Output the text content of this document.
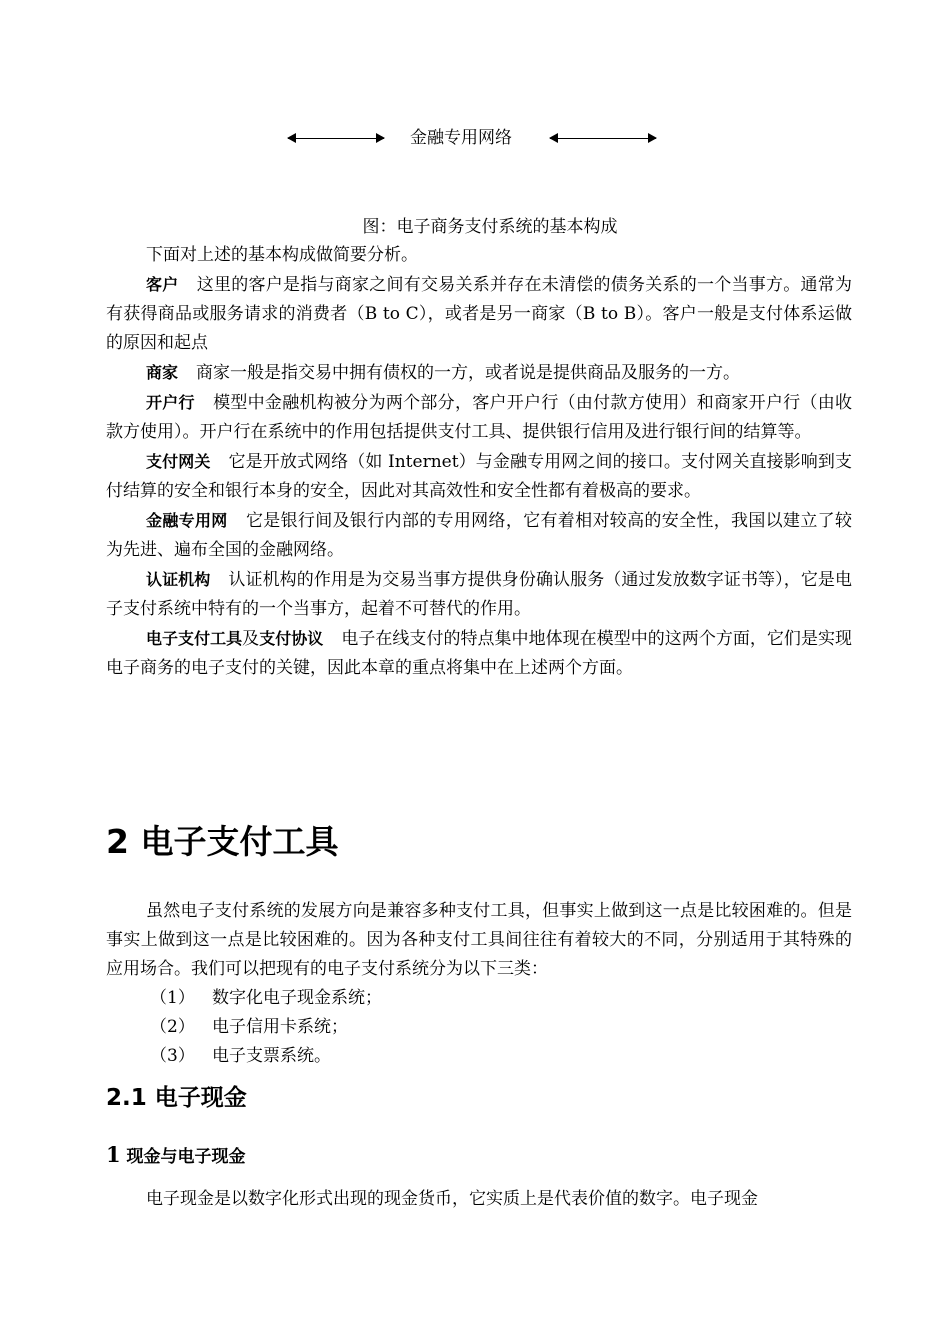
金融专用网络
图：电子商务支付系统的基本构成

下面对上述的基本构成做简要分析。

客户 这里的客户是指与商家之间有交易关系并存在未清偿的债务关系的一个当事方。通常为有获得商品或服务请求的消费者（B to C），或者是另一商家（B to B）。客户一般是支付体系运做的原因和起点

商家 商家一般是指交易中拥有债权的一方，或者说是提供商品及服务的一方。

开户行 模型中金融机构被分为两个部分，客户开户行（由付款方使用）和商家开户行（由收款方使用）。开户行在系统中的作用包括提供支付工具、提供银行信用及进行银行间的结算等。

支付网关 它是开放式网络（如 Internet）与金融专用网之间的接口。支付网关直接影响到支付结算的安全和银行本身的安全，因此对其高效性和安全性都有着极高的要求。

金融专用网 它是银行间及银行内部的专用网络，它有着相对较高的安全性，我国以建立了较为先进、遍布全国的金融网络。

认证机构 认证机构的作用是为交易当事方提供身份确认服务（通过发放数字证书等），它是电子支付系统中特有的一个当事方，起着不可替代的作用。

电子支付工具及支付协议 电子在线支付的特点集中地体现在模型中的这两个方面，它们是实现电子商务的电子支付的关键，因此本章的重点将集中在上述两个方面。

2 电子支付工具

虽然电子支付系统的发展方向是兼容多种支付工具，但事实上做到这一点是比较困难的。但是事实上做到这一点是比较困难的。因为各种支付工具间往往有着较大的不同，分别适用于其特殊的应用场合。我们可以把现有的电子支付系统分为以下三类：

（1）	数字化电子现金系统；
（2）	电子信用卡系统；
（3）	电子支票系统。
2.1 电子现金
1 现金与电子现金

电子现金是以数字化形式出现的现金货币，它实质上是代表价值的数字。电子现金
